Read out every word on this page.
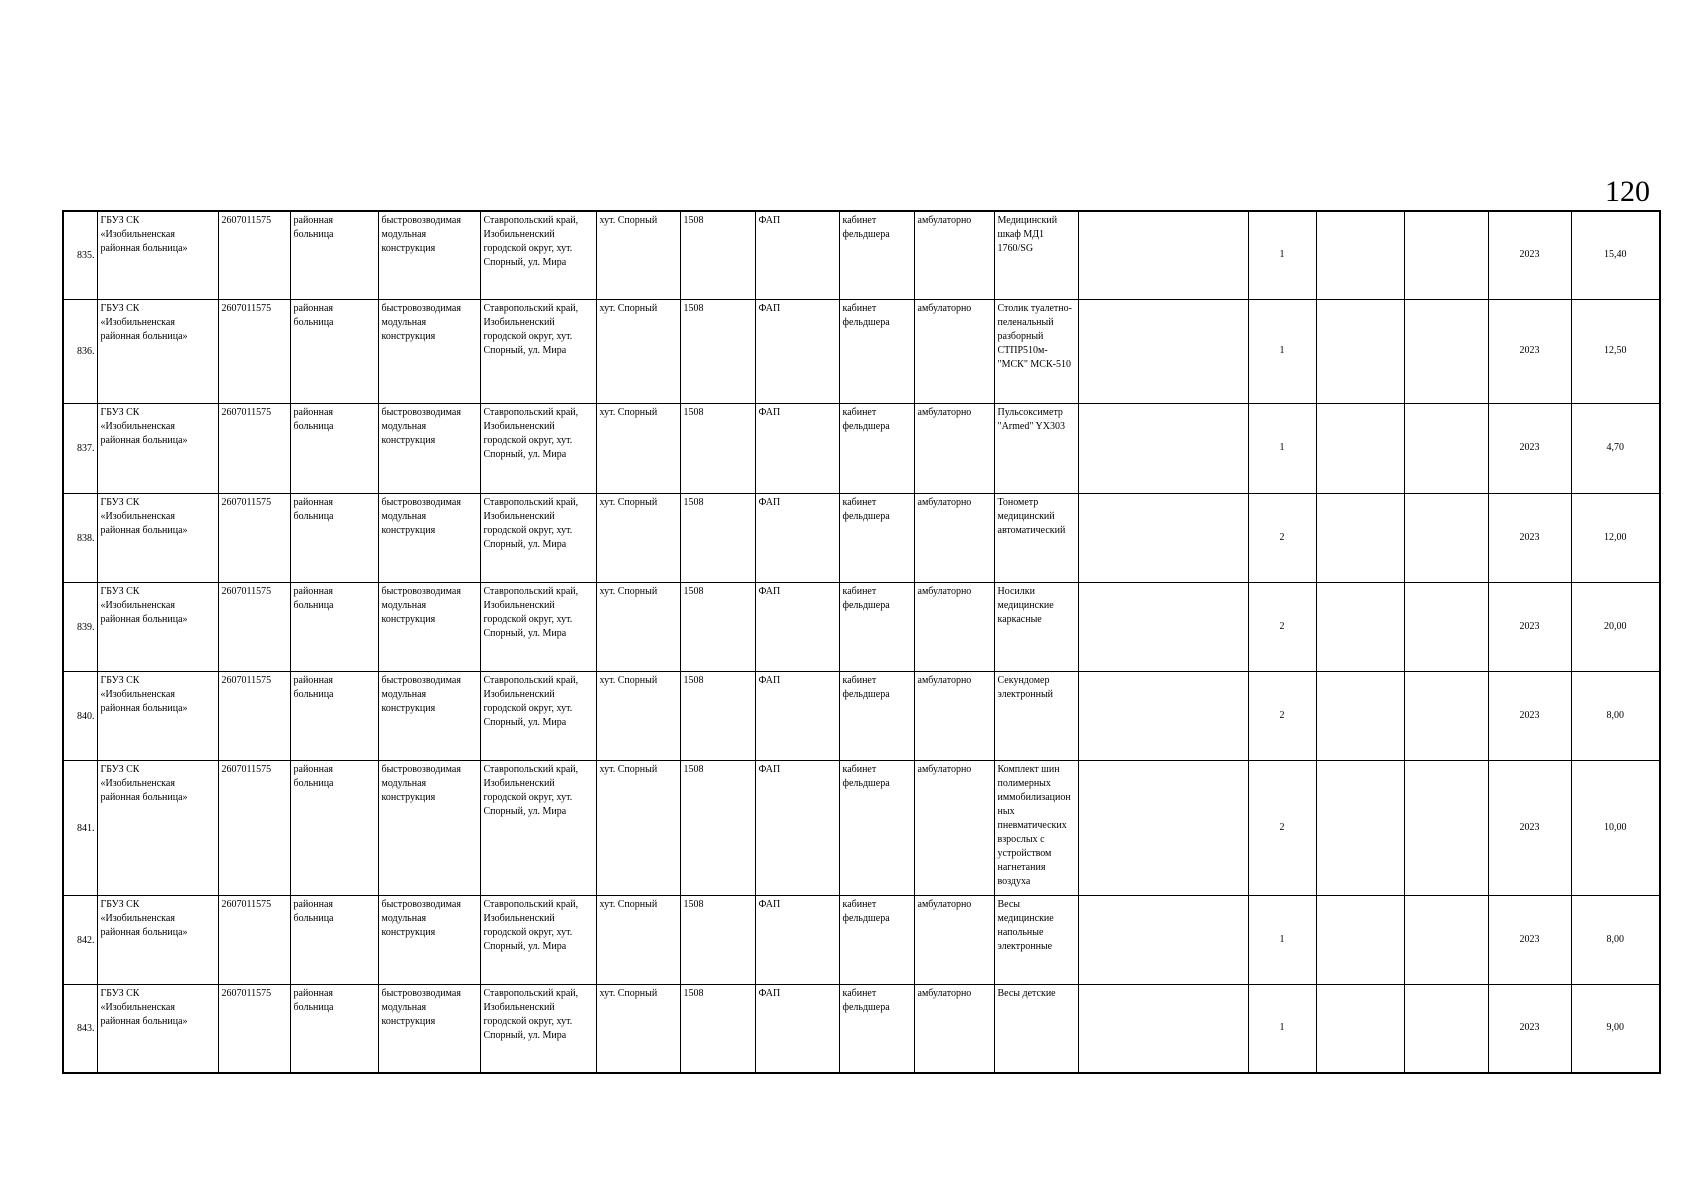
120
835.	ГБУЗ СК «Изобильненская районная больница»	2607011575	районная больница	быстровозводимая модульная конструкция	Ставропольский край, Изобильненский городской округ, хут. Спорный, ул. Мира	хут. Спорный	1508	ФАП	кабинет фельдшера	амбулаторно	Медицинский шкаф МД1 1760/SG		1			2023	15,40
836.	ГБУЗ СК «Изобильненская районная больница»	2607011575	районная больница	быстровозводимая модульная конструкция	Ставропольский край, Изобильненский городской округ, хут. Спорный, ул. Мира	хут. Спорный	1508	ФАП	кабинет фельдшера	амбулаторно	Столик туалетно-пеленальный разборный СТПР510м-"МСК" МСК-510		1			2023	12,50
837.	ГБУЗ СК «Изобильненская районная больница»	2607011575	районная больница	быстровозводимая модульная конструкция	Ставропольский край, Изобильненский городской округ, хут. Спорный, ул. Мира	хут. Спорный	1508	ФАП	кабинет фельдшера	амбулаторно	Пульсоксиметр "Armed" YX303		1			2023	4,70
838.	ГБУЗ СК «Изобильненская районная больница»	2607011575	районная больница	быстровозводимая модульная конструкция	Ставропольский край, Изобильненский городской округ, хут. Спорный, ул. Мира	хут. Спорный	1508	ФАП	кабинет фельдшера	амбулаторно	Тонометр медицинский автоматический		2			2023	12,00
839.	ГБУЗ СК «Изобильненская районная больница»	2607011575	районная больница	быстровозводимая модульная конструкция	Ставропольский край, Изобильненский городской округ, хут. Спорный, ул. Мира	хут. Спорный	1508	ФАП	кабинет фельдшера	амбулаторно	Носилки медицинские каркасные		2			2023	20,00
840.	ГБУЗ СК «Изобильненская районная больница»	2607011575	районная больница	быстровозводимая модульная конструкция	Ставропольский край, Изобильненский городской округ, хут. Спорный, ул. Мира	хут. Спорный	1508	ФАП	кабинет фельдшера	амбулаторно	Секундомер электронный		2			2023	8,00
841.	ГБУЗ СК «Изобильненская районная больница»	2607011575	районная больница	быстровозводимая модульная конструкция	Ставропольский край, Изобильненский городской округ, хут. Спорный, ул. Мира	хут. Спорный	1508	ФАП	кабинет фельдшера	амбулаторно	Комплект шин полимерных иммобилизацион ных пневматических взрослых с устройством нагнетания воздуха		2			2023	10,00
842.	ГБУЗ СК «Изобильненская районная больница»	2607011575	районная больница	быстровозводимая модульная конструкция	Ставропольский край, Изобильненский городской округ, хут. Спорный, ул. Мира	хут. Спорный	1508	ФАП	кабинет фельдшера	амбулаторно	Весы медицинские напольные электронные		1			2023	8,00
843.	ГБУЗ СК «Изобильненская районная больница»	2607011575	районная больница	быстровозводимая модульная конструкция	Ставропольский край, Изобильненский городской округ, хут. Спорный, ул. Мира	хут. Спорный	1508	ФАП	кабинет фельдшера	амбулаторно	Весы детские		1			2023	9,00
